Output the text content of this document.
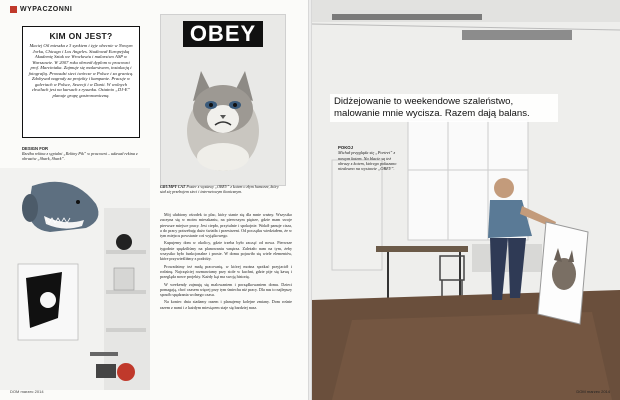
WYPACZONNI
KIM ON JEST?

Maciej Oil mieszka z 3 synkiem i żyje obecnie w Nowym Jorku, Chicago i Los Angeles. Studiował Europejską Akademię Sztuk we Wrocławiu i malarstwo ASP w Warszawie. W 2007 roku obronił dyplom w pracowni prof. Marciniaka. Zajmuje się malarstwem, instalacją i fotografią. Prowadzi sieci twórcze w Polsce i za granicą. Zdobywał nagrody za projekty i kampanie. Pracuje w galeriach w Polsce, Szwecji i w Danii. W wolnych chwilach jest na kursach z rysunku. Ostatnio „DJ-E” planuje grupę gastronomiczną.

OBEY
GRUMPY CAT Poster z wystawy „OBEY” z kotem o złym humorze, który stał się przebojem sieci i internetowym ikonicznym.
DESIGN FOR
Rzeźba rekina z sypialni „Rekiny Pik” w pracowni – udawał rekina z obrazów „Shark, Shark”.

Mój ulubiony ośrodek to plac, który stanie się dla mnie ważny. Wszystko zaczyna się w moim mieszkaniu, na pierwszym piętrze, gdzie mam swoje pierwsze miejsce pracy. Jest ciepło, przytulnie i spokojnie. Wokół panuje cisza, a do pracy potrzebuję dużo światła i przestrzeni. Od początku wiedziałem, że w tym miejscu powstanie coś wyjątkowego.

Kupujemy dom w okolicy, gdzie trzeba było zacząć od nowa. Pierwsze tygodnie spędziliśmy na planowaniu wnętrza. Zależało nam na tym, żeby wszystko było funkcjonalne i proste. W domu pojawiło się wiele elementów, które przywieźliśmy z podróży.

Prowadzimy też małą pracownię, w której można spotkać przyjaciół i rodzinę. Najczęściej rozmawiamy przy stole w kuchni, gdzie pije się kawę i przegląda nowe projekty. Każdy kąt ma swoją historię.

W weekendy zajmuję się malowaniem i porządkowaniem domu. Dzieci pomagają, choć czasem więcej przy tym śmiechu niż pracy. Dla nas to najlepszy sposób spędzania wolnego czasu.

Na koniec dnia siadamy razem i planujemy kolejne zmiany. Dom rośnie razem z nami i z każdym miesiącem staje się bardziej nasz.

DOM marzec 2014
Didżejowanie to weekendowe szaleństwo, malowanie mnie wycisza. Razem dają balans.
POKOJ
Michał przygląda się „Portret” z nowym kotem. Na blacie są też obrazy z kotem, którego pokazano niedawno na wystawie „OBEY”.
DOM marzec 2014
